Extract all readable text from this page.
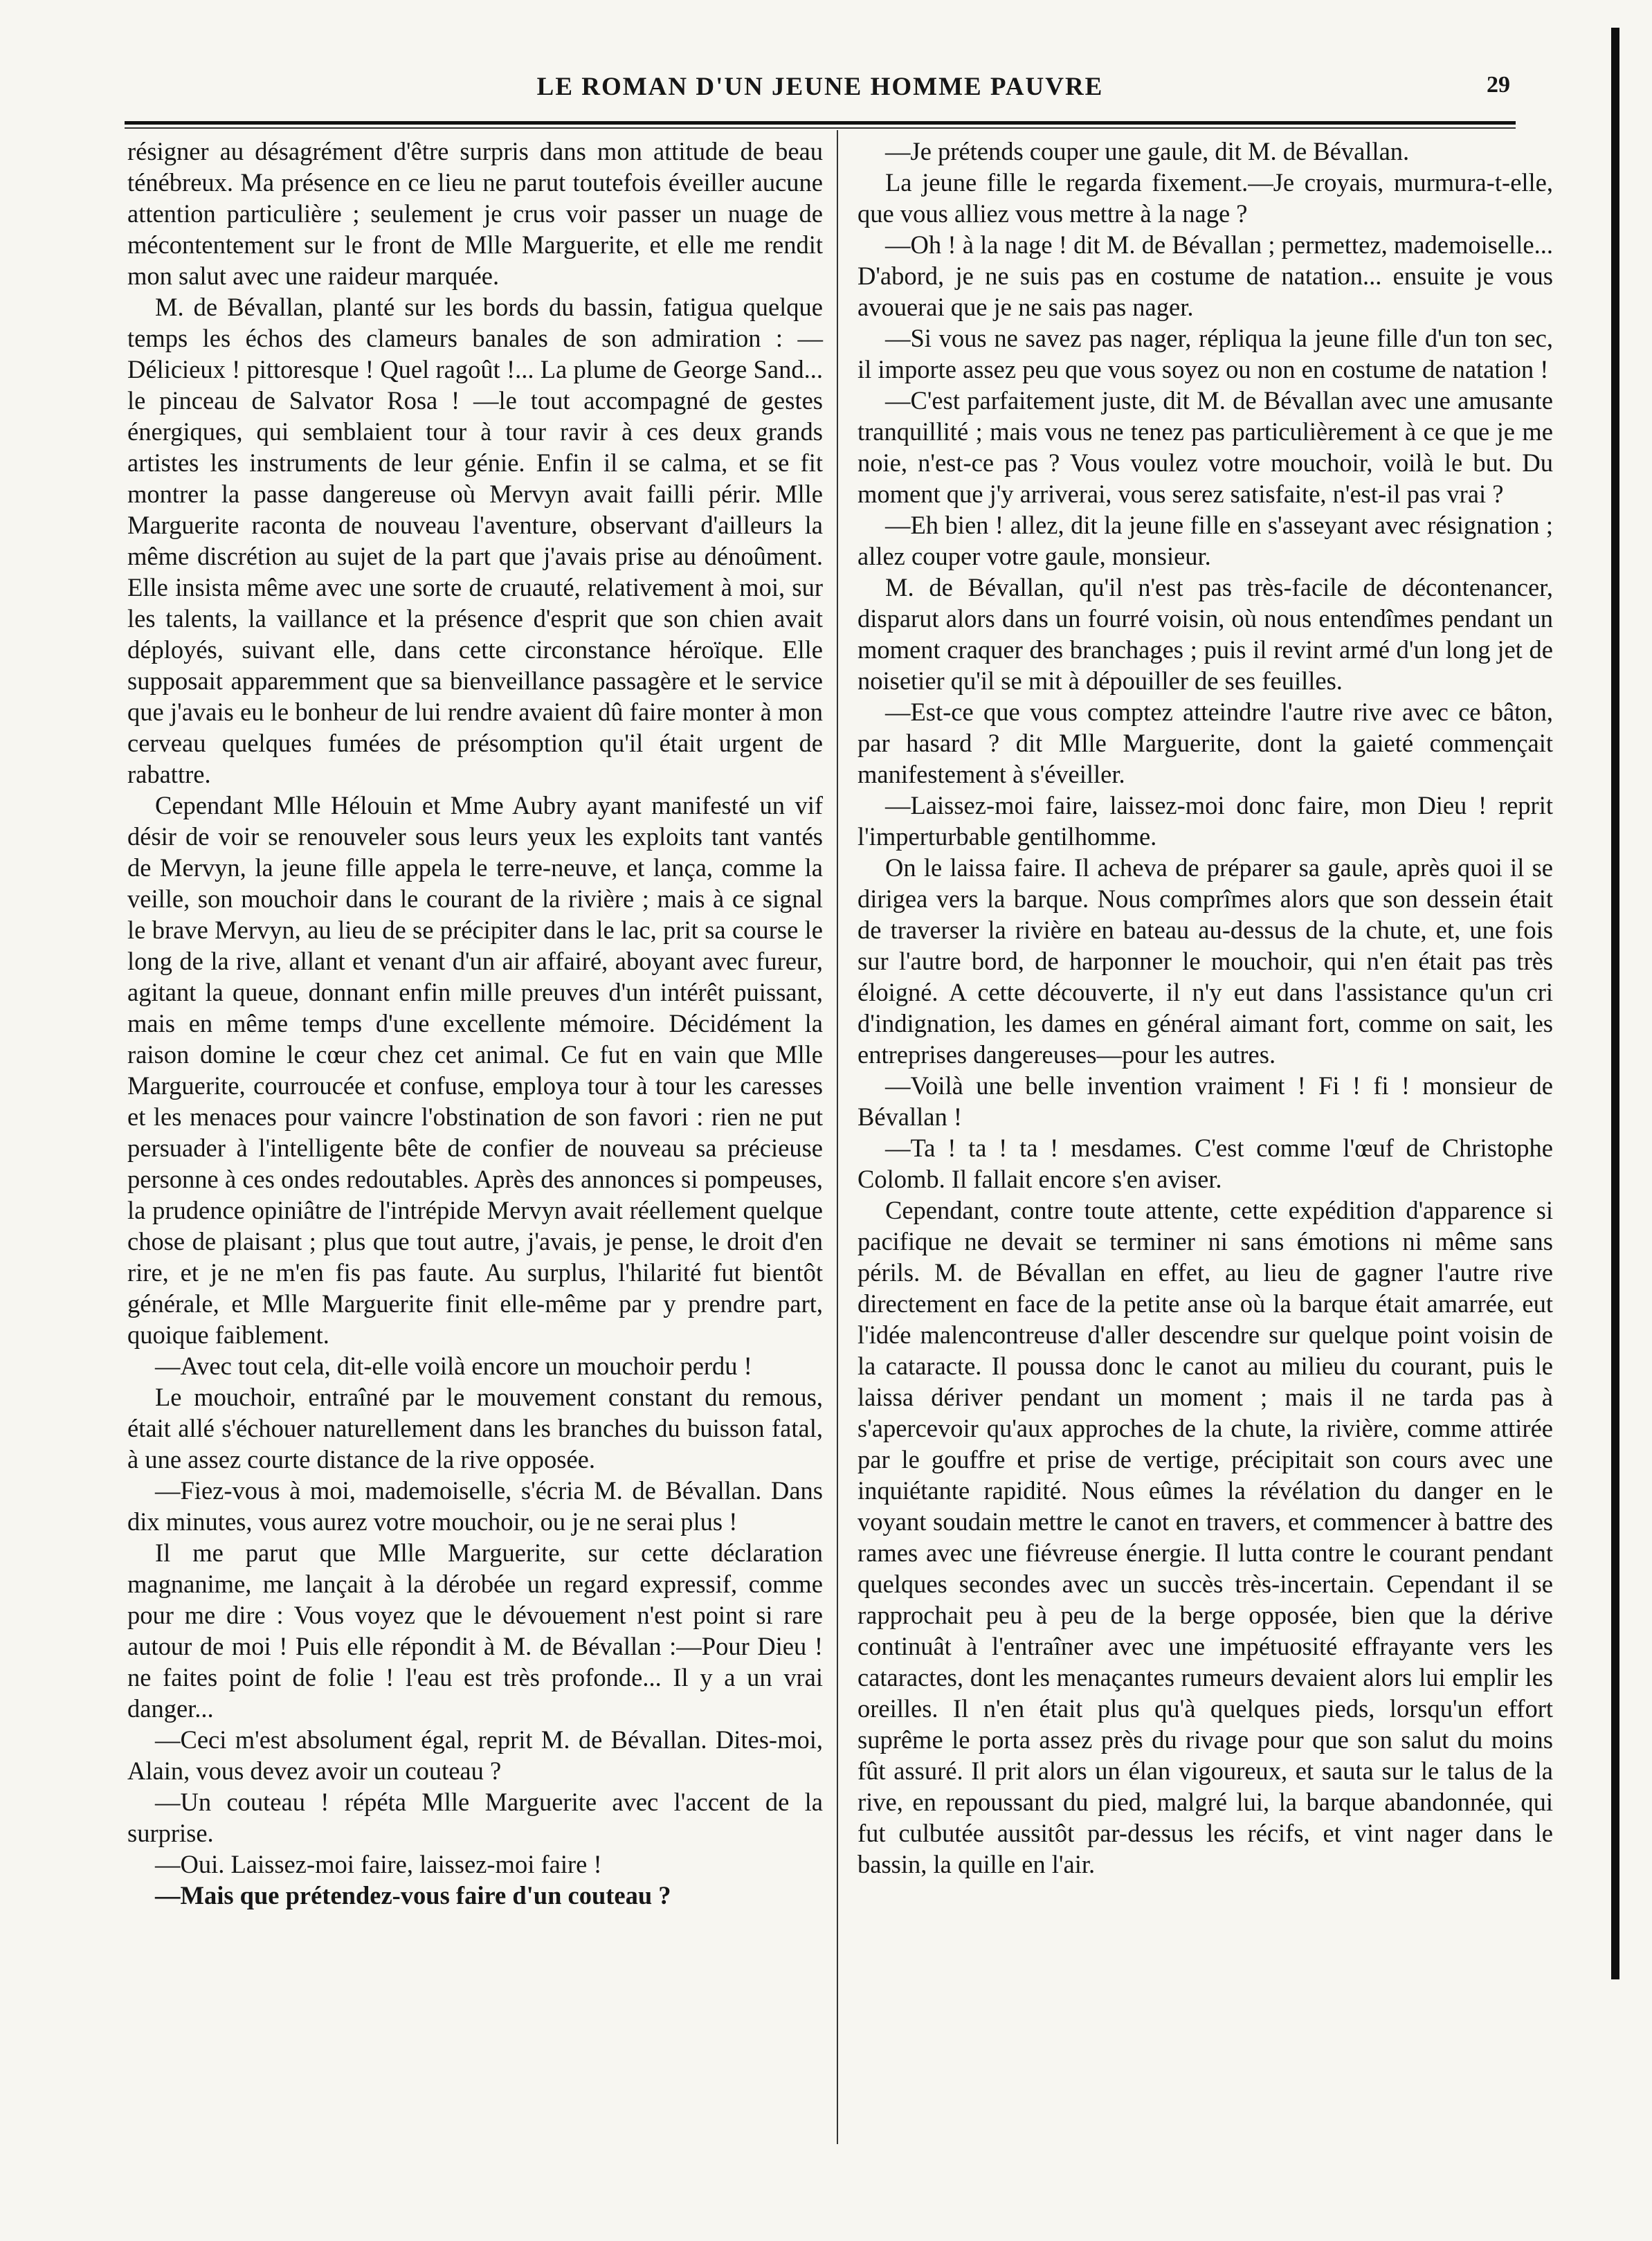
LE ROMAN D'UN JEUNE HOMME PAUVRE	29

résigner au désagrément d'être surpris dans mon attitude de beau ténébreux. Ma présence en ce lieu ne parut toutefois éveiller aucune attention particulière ; seulement je crus voir passer un nuage de mécontentement sur le front de Mlle Marguerite, et elle me rendit mon salut avec une raideur marquée.

M. de Bévallan, planté sur les bords du bassin, fatigua quelque temps les échos des clameurs banales de son admiration : — Délicieux ! pittoresque ! Quel ragoût !... La plume de George Sand... le pinceau de Salvator Rosa ! —le tout accompagné de gestes énergiques, qui semblaient tour à tour ravir à ces deux grands artistes les instruments de leur génie. Enfin il se calma, et se fit montrer la passe dangereuse où Mervyn avait failli périr. Mlle Marguerite raconta de nouveau l'aventure, observant d'ailleurs la même discrétion au sujet de la part que j'avais prise au dénoûment. Elle insista même avec une sorte de cruauté, relativement à moi, sur les talents, la vaillance et la présence d'esprit que son chien avait déployés, suivant elle, dans cette circonstance héroïque. Elle supposait apparemment que sa bienveillance passagère et le service que j'avais eu le bonheur de lui rendre avaient dû faire monter à mon cerveau quelques fumées de présomption qu'il était urgent de rabattre.

Cependant Mlle Hélouin et Mme Aubry ayant manifesté un vif désir de voir se renouveler sous leurs yeux les exploits tant vantés de Mervyn, la jeune fille appela le terre-neuve, et lança, comme la veille, son mouchoir dans le courant de la rivière ; mais à ce signal le brave Mervyn, au lieu de se précipiter dans le lac, prit sa course le long de la rive, allant et venant d'un air affairé, aboyant avec fureur, agitant la queue, donnant enfin mille preuves d'un intérêt puissant, mais en même temps d'une excellente mémoire. Décidément la raison domine le cœur chez cet animal. Ce fut en vain que Mlle Marguerite, courroucée et confuse, employa tour à tour les caresses et les menaces pour vaincre l'obstination de son favori : rien ne put persuader à l'intelligente bête de confier de nouveau sa précieuse personne à ces ondes redoutables. Après des annonces si pompeuses, la prudence opiniâtre de l'intrépide Mervyn avait réellement quelque chose de plaisant ; plus que tout autre, j'avais, je pense, le droit d'en rire, et je ne m'en fis pas faute. Au surplus, l'hilarité fut bientôt générale, et Mlle Marguerite finit elle-même par y prendre part, quoique faiblement.

—Avec tout cela, dit-elle voilà encore un mouchoir perdu !

Le mouchoir, entraîné par le mouvement constant du remous, était allé s'échouer naturellement dans les branches du buisson fatal, à une assez courte distance de la rive opposée.

—Fiez-vous à moi, mademoiselle, s'écria M. de Bévallan. Dans dix minutes, vous aurez votre mouchoir, ou je ne serai plus !

Il me parut que Mlle Marguerite, sur cette déclaration magnanime, me lançait à la dérobée un regard expressif, comme pour me dire : Vous voyez que le dévouement n'est point si rare autour de moi ! Puis elle répondit à M. de Bévallan :—Pour Dieu ! ne faites point de folie ! l'eau est très profonde... Il y a un vrai danger...

—Ceci m'est absolument égal, reprit M. de Bévallan. Dites-moi, Alain, vous devez avoir un couteau ?

—Un couteau ! répéta Mlle Marguerite avec l'accent de la surprise.

—Oui. Laissez-moi faire, laissez-moi faire !

—Mais que prétendez-vous faire d'un couteau ?

—Je prétends couper une gaule, dit M. de Bévallan.

La jeune fille le regarda fixement.—Je croyais, murmura-t-elle, que vous alliez vous mettre à la nage ?

—Oh ! à la nage ! dit M. de Bévallan ; permettez, mademoiselle... D'abord, je ne suis pas en costume de natation... ensuite je vous avouerai que je ne sais pas nager.

—Si vous ne savez pas nager, répliqua la jeune fille d'un ton sec, il importe assez peu que vous soyez ou non en costume de natation !

—C'est parfaitement juste, dit M. de Bévallan avec une amusante tranquillité ; mais vous ne tenez pas particulièrement à ce que je me noie, n'est-ce pas ? Vous voulez votre mouchoir, voilà le but. Du moment que j'y arriverai, vous serez satisfaite, n'est-il pas vrai ?

—Eh bien ! allez, dit la jeune fille en s'asseyant avec résignation ; allez couper votre gaule, monsieur.

M. de Bévallan, qu'il n'est pas très-facile de décontenancer, disparut alors dans un fourré voisin, où nous entendîmes pendant un moment craquer des branchages ; puis il revint armé d'un long jet de noisetier qu'il se mit à dépouiller de ses feuilles.

—Est-ce que vous comptez atteindre l'autre rive avec ce bâton, par hasard ? dit Mlle Marguerite, dont la gaieté commençait manifestement à s'éveiller.

—Laissez-moi faire, laissez-moi donc faire, mon Dieu ! reprit l'imperturbable gentilhomme.

On le laissa faire. Il acheva de préparer sa gaule, après quoi il se dirigea vers la barque. Nous comprîmes alors que son dessein était de traverser la rivière en bateau au-dessus de la chute, et, une fois sur l'autre bord, de harponner le mouchoir, qui n'en était pas très éloigné. A cette découverte, il n'y eut dans l'assistance qu'un cri d'indignation, les dames en général aimant fort, comme on sait, les entreprises dangereuses—pour les autres.

—Voilà une belle invention vraiment ! Fi ! fi ! monsieur de Bévallan !

—Ta ! ta ! ta ! mesdames. C'est comme l'œuf de Christophe Colomb. Il fallait encore s'en aviser.

Cependant, contre toute attente, cette expédition d'apparence si pacifique ne devait se terminer ni sans émotions ni même sans périls. M. de Bévallan en effet, au lieu de gagner l'autre rive directement en face de la petite anse où la barque était amarrée, eut l'idée malencontreuse d'aller descendre sur quelque point voisin de la cataracte. Il poussa donc le canot au milieu du courant, puis le laissa dériver pendant un moment ; mais il ne tarda pas à s'apercevoir qu'aux approches de la chute, la rivière, comme attirée par le gouffre et prise de vertige, précipitait son cours avec une inquiétante rapidité. Nous eûmes la révélation du danger en le voyant soudain mettre le canot en travers, et commencer à battre des rames avec une fiévreuse énergie. Il lutta contre le courant pendant quelques secondes avec un succès très-incertain. Cependant il se rapprochait peu à peu de la berge opposée, bien que la dérive continuât à l'entraîner avec une impétuosité effrayante vers les cataractes, dont les menaçantes rumeurs devaient alors lui emplir les oreilles. Il n'en était plus qu'à quelques pieds, lorsqu'un effort suprême le porta assez près du rivage pour que son salut du moins fût assuré. Il prit alors un élan vigoureux, et sauta sur le talus de la rive, en repoussant du pied, malgré lui, la barque abandonnée, qui fut culbutée aussitôt par-dessus les récifs, et vint nager dans le bassin, la quille en l'air.
